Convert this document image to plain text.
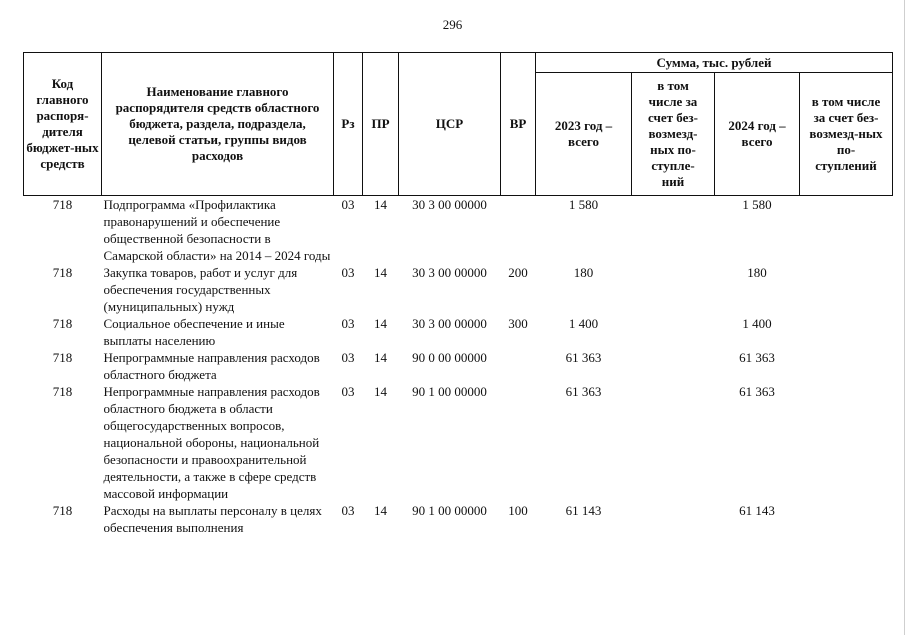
296
Код главного распоря-дителя бюджет-ных средств	Наименование главного распорядителя средств областного бюджета, раздела, подраздела, целевой статьи, группы видов расходов	Рз	ПР	ЦСР	ВР	Сумма, тыс. рублей			
						2023 год – всего	в том числе за счет без-возмезд-ных по-ступле-ний	2024 год – всего	в том числе за счет без-возмезд-ных по-ступлений
718	Подпрограмма «Профилактика правонарушений и обеспечение общественной безопасности в Самарской области» на 2014 – 2024 годы	03	14	30 3 00 00000		1 580		1 580	
718	Закупка товаров, работ и услуг для обеспечения государственных (муниципальных) нужд	03	14	30 3 00 00000	200	180		180	
718	Социальное обеспечение и иные выплаты населению	03	14	30 3 00 00000	300	1 400		1 400	
718	Непрограммные направления расходов областного бюджета	03	14	90 0 00 00000		61 363		61 363	
718	Непрограммные направления расходов областного бюджета в области общегосударственных вопросов, национальной обороны, национальной безопасности и правоохранительной деятельности, а также в сфере средств массовой информации	03	14	90 1 00 00000		61 363		61 363	
718	Расходы на выплаты персоналу в целях обеспечения выполнения	03	14	90 1 00 00000	100	61 143		61 143	
